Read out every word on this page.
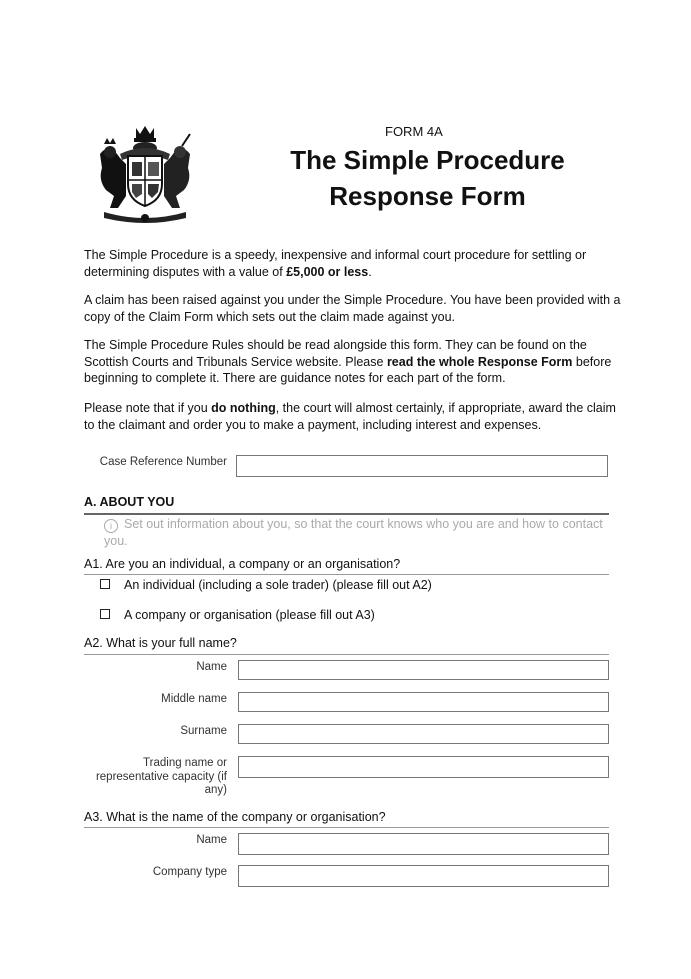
FORM 4A
The Simple Procedure
Response Form
The Simple Procedure is a speedy, inexpensive and informal court procedure for settling or determining disputes with a value of £5,000 or less.
A claim has been raised against you under the Simple Procedure. You have been provided with a copy of the Claim Form which sets out the claim made against you.
The Simple Procedure Rules should be read alongside this form. They can be found on the Scottish Courts and Tribunals Service website. Please read the whole Response Form before beginning to complete it. There are guidance notes for each part of the form.
Please note that if you do nothing, the court will almost certainly, if appropriate, award the claim to the claimant and order you to make a payment, including interest and expenses.
Case Reference Number
A. ABOUT YOU
i Set out information about you, so that the court knows who you are and how to contact you.
A1. Are you an individual, a company or an organisation?
An individual (including a sole trader) (please fill out A2)
A company or organisation (please fill out A3)
A2. What is your full name?
Name
Middle name
Surname
Trading name or
representative capacity (if
any)
A3. What is the name of the company or organisation?
Name
Company type
